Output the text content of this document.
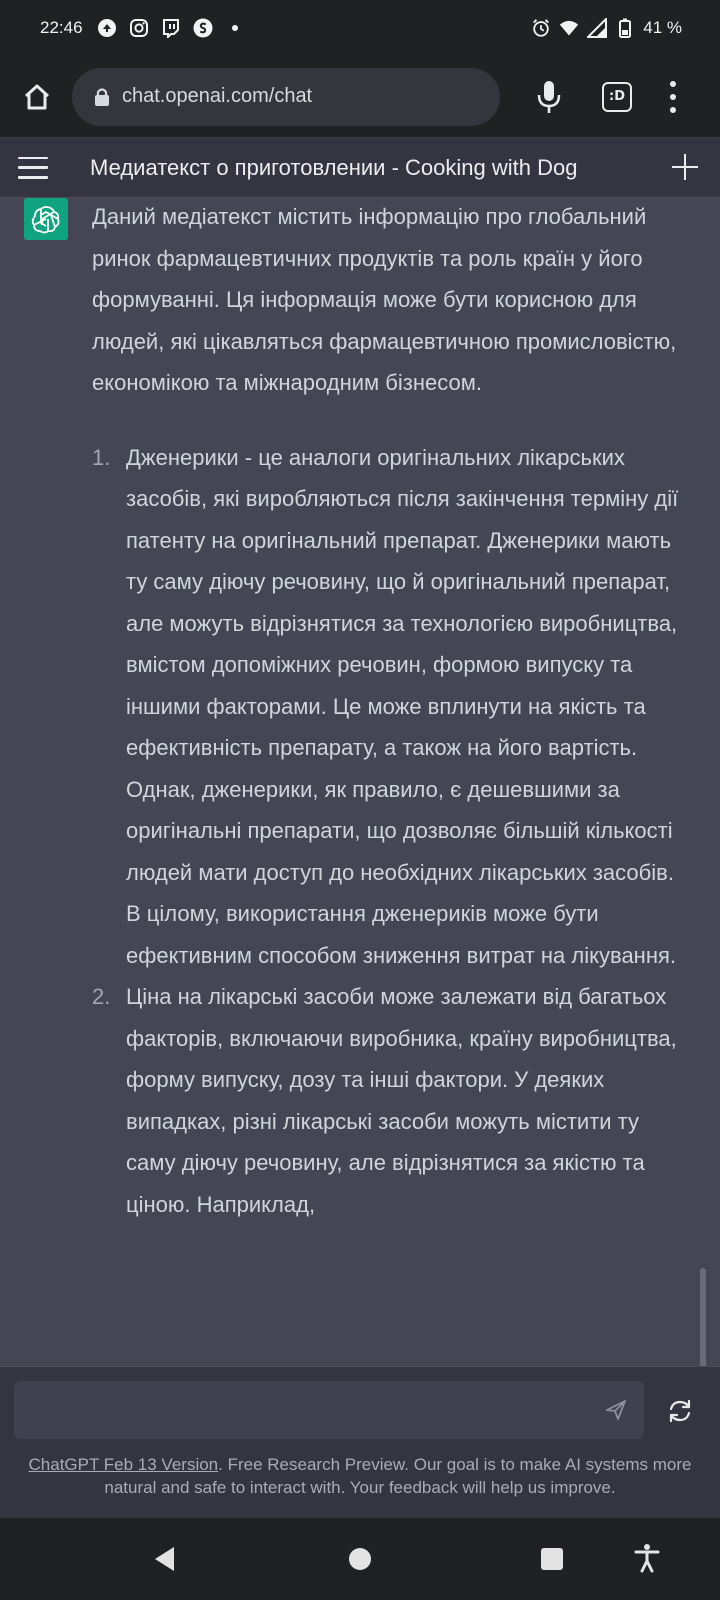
22:46	41 %
chat.openai.com/chat	:D
Медиатекст о приготовлении - Cooking with Dog

Даний медіатекст містить інформацію про глобальний ринок фармацевтичних продуктів та роль країн у його формуванні. Ця інформація може бути корисною для людей, які цікавляться фармацевтичною промисловістю, економікою та міжнародним бізнесом.

1. Дженерики - це аналоги оригінальних лікарських засобів, які виробляються після закінчення терміну дії патенту на оригінальний препарат. Дженерики мають ту саму діючу речовину, що й оригінальний препарат, але можуть відрізнятися за технологією виробництва, вмістом допоміжних речовин, формою випуску та іншими факторами. Це може вплинути на якість та ефективність препарату, а також на його вартість. Однак, дженерики, як правило, є дешевшими за оригінальні препарати, що дозволяє більшій кількості людей мати доступ до необхідних лікарських засобів. В цілому, використання дженериків може бути ефективним способом зниження витрат на лікування.
2. Ціна на лікарські засоби може залежати від багатьох факторів, включаючи виробника, країну виробництва, форму випуску, дозу та інші фактори. У деяких випадках, різні лікарські засоби можуть містити ту саму діючу речовину, але відрізнятися за якістю та ціною. Наприклад,
ChatGPT Feb 13 Version. Free Research Preview. Our goal is to make AI systems more natural and safe to interact with. Your feedback will help us improve.
